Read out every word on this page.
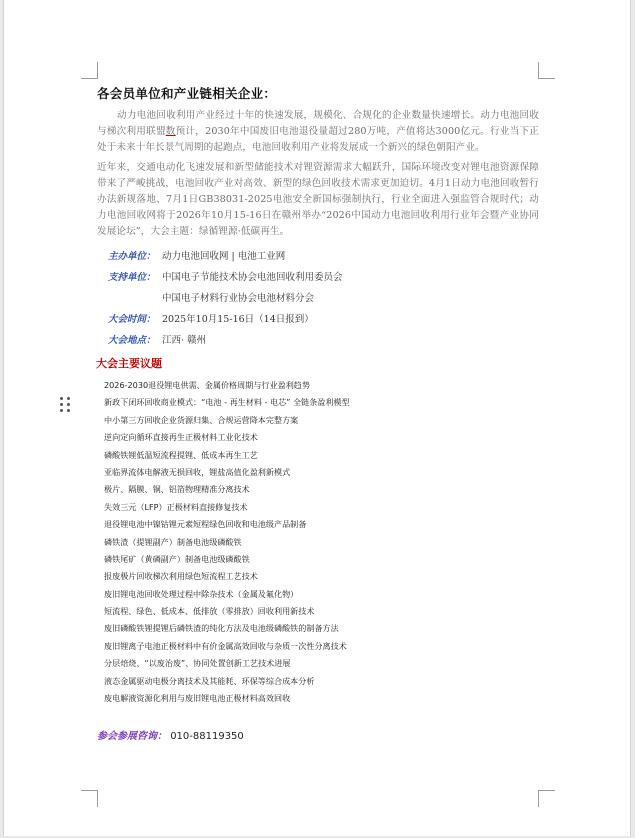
各会员单位和产业链相关企业：

动力电池回收利用产业经过十年的快速发展，规模化、合规化的企业数量快速增长。动力电池回收与梯次利用联盟数预计，2030年中国废旧电池退役量超过280万吨，产值将达3000亿元。行业当下正处于未来十年长景气周期的起跑点，电池回收利用产业将发展成一个新兴的绿色朝阳产业。

近年来，交通电动化飞速发展和新型储能技术对锂资源需求大幅跃升，国际环境改变对锂电池资源保障带来了严峻挑战，电池回收产业对高效、新型的绿色回收技术需求更加迫切。4月1日动力电池回收暂行办法新规落地、7月1日GB38031-2025电池安全新国标强制执行，行业全面进入强监管合规时代；动力电池回收网将于2026年10月15-16日在赣州举办“2026中国动力电池回收利用行业年会暨产业协同发展论坛”，大会主题：绿循锂源·低碳再生。

主办单位： 动力电池回收网 | 电池工业网
支持单位： 中国电子节能技术协会电池回收利用委员会
中国电子材料行业协会电池材料分会
大会时间： 2025年10月15-16日（14日报到）
大会地点： 江西· 赣州
大会主要议题
2026-2030退役锂电供需、金属价格周期与行业盈利趋势
新政下闭环回收商业模式：“电池 - 再生材料 - 电芯” 全链条盈利模型
中小第三方回收企业货源归集、合规运营降本完整方案
逆向定向循环直接再生正极材料工业化技术
磷酸铁锂低温短流程提锂、低成本再生工艺
亚临界流体电解液无损回收，锂盐高值化盈利新模式
极片、隔膜、铜、铝箔物理精准分离技术
失效三元（LFP）正极材料直接修复技术
退役锂电池中镍钴锂元素短程绿色回收和电池级产品制备
磷铁渣（提锂副产）制备电池级磷酸铁
磷铁尾矿（黄磷副产）制备电池级磷酸铁
报废极片回收梯次利用绿色短流程工艺技术
废旧锂电池回收处理过程中除杂技术（金属及氟化物）
短流程、绿色、低成本、低排放（零排放）回收利用新技术
废旧磷酸铁锂提锂后磷铁渣的纯化方法及电池级磷酸铁的制备方法
废旧锂离子电池正极材料中有价金属高效回收与杂质一次性分离技术
分层焙烧、“以废治废”、协同处置创新工艺技术进展
液态金属驱动电极分离技术及其能耗、环保等综合成本分析
废电解液资源化利用与废旧锂电池正极材料高效回收
参会参展咨询： 010-88119350
